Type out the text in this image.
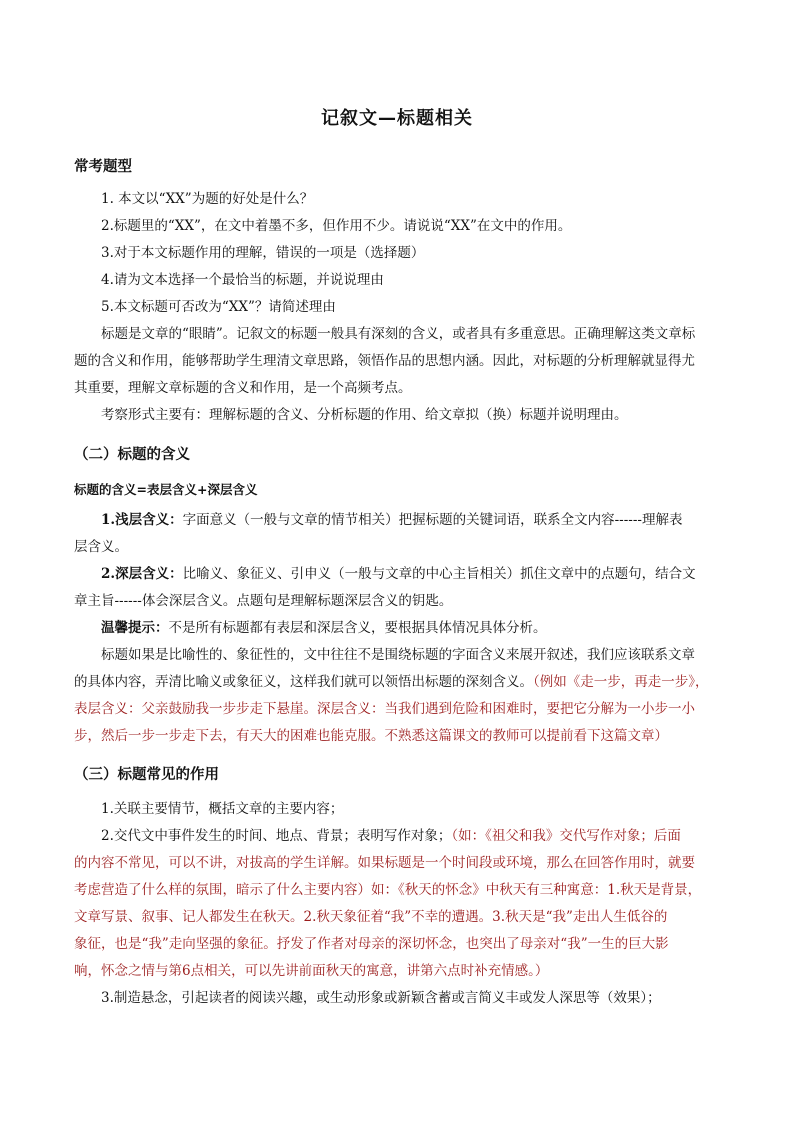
记叙文—标题相关
常考题型
1. 本文以“XX”为题的好处是什么？
2.标题里的“XX”，在文中着墨不多，但作用不少。请说说“XX”在文中的作用。
3.对于本文标题作用的理解，错误的一项是（选择题）
4.请为文本选择一个最恰当的标题，并说说理由
5.本文标题可否改为“XX”？请简述理由
标题是文章的“眼睛”。记叙文的标题一般具有深刻的含义，或者具有多重意思。正确理解这类文章标
题的含义和作用，能够帮助学生理清文章思路，领悟作品的思想内涵。因此，对标题的分析理解就显得尤
其重要，理解文章标题的含义和作用，是一个高频考点。
考察形式主要有：理解标题的含义、分析标题的作用、给文章拟（换）标题并说明理由。
（二）标题的含义
标题的含义=表层含义+深层含义
1.浅层含义：字面意义（一般与文章的情节相关）把握标题的关键词语，联系全文内容------理解表
层含义。
2.深层含义：比喻义、象征义、引申义（一般与文章的中心主旨相关）抓住文章中的点题句，结合文
章主旨------体会深层含义。点题句是理解标题深层含义的钥匙。
温馨提示：不是所有标题都有表层和深层含义，要根据具体情况具体分析。
标题如果是比喻性的、象征性的，文中往往不是围绕标题的字面含义来展开叙述，我们应该联系文章
的具体内容，弄清比喻义或象征义，这样我们就可以领悟出标题的深刻含义。（例如《走一步，再走一步》，
表层含义：父亲鼓励我一步步走下悬崖。深层含义：当我们遇到危险和困难时，要把它分解为一小步一小
步，然后一步一步走下去，有天大的困难也能克服。不熟悉这篇课文的教师可以提前看下这篇文章）
（三）标题常见的作用
1.关联主要情节，概括文章的主要内容；
2.交代文中事件发生的时间、地点、背景；表明写作对象；（如：《祖父和我》交代写作对象；后面
的内容不常见，可以不讲，对拔高的学生详解。如果标题是一个时间段或环境，那么在回答作用时，就要
考虑营造了什么样的氛围，暗示了什么主要内容）如：《秋天的怀念》中秋天有三种寓意：1.秋天是背景，
文章写景、叙事、记人都发生在秋天。2.秋天象征着“我”不幸的遭遇。3.秋天是“我”走出人生低谷的
象征，也是“我”走向坚强的象征。抒发了作者对母亲的深切怀念，也突出了母亲对“我”一生的巨大影
响，怀念之情与第6点相关，可以先讲前面秋天的寓意，讲第六点时补充情感。）
3.制造悬念，引起读者的阅读兴趣，或生动形象或新颖含蓄或言简义丰或发人深思等（效果）；
